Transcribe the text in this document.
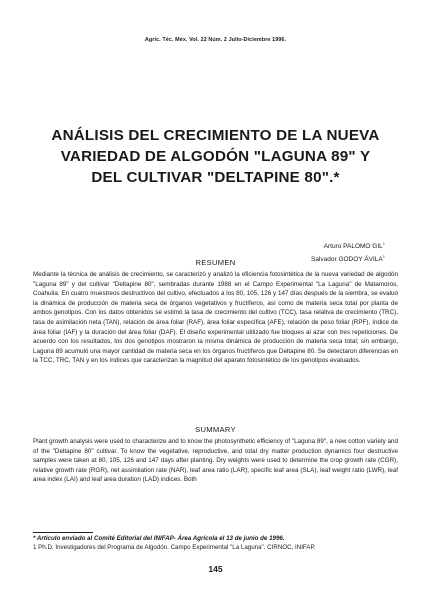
Agric. Téc. Méx. Vol. 22 Núm. 2 Julio-Diciembre 1996.
ANÁLISIS DEL CRECIMIENTO DE LA NUEVA
VARIEDAD DE ALGODÓN "LAGUNA 89" Y
DEL CULTIVAR "DELTAPINE 80".*
Arturo PALOMO GIL$^1$
Salvador GODOY ÁVILA$^1$
RESUMEN
Mediante la técnica de análisis de crecimiento, se caracterizó y analizó la eficiencia fotosintética de la nueva variedad de algodón "Laguna 89" y del cultivar "Deltapine 80", sembradas durante 1988 en el Campo Experimental "La Laguna" de Matamoros, Coahuila. En cuatro muestreos destructivos del cultivo, efectuados a los 80, 105, 126 y 147 días después de la siembra, se evaluó la dinámica de producción de materia seca de órganos vegetativos y fructíferos, así como de materia seca total por planta de ambos genotipos. Con los datos obtenidos se estimó la tasa de crecimiento del cultivo (TCC), tasa relativa de crecimiento (TRC), tasa de asimilación neta (TAN), relación de área foliar (RAF), área foliar específica (AFE), relación de peso foliar (RPF), índice de área foliar (IAF) y la duración del área foliar (DAF). El diseño experimental utilizado fue bloques al azar con tres repeticiones. De acuerdo con los resultados, los dos genotipos mostraron la misma dinámica de producción de materia seca total; sin embargo, Laguna 89 acumuló una mayor cantidad de materia seca en los órganos fructíferos que Deltapine 80. Se detectaron diferencias en la TCC, TRC, TAN y en los índices que caracterizan la magnitud del aparato fotosintético de los genotipos evaluados.
SUMMARY
Plant growth analysis were used to characterize and to know the photosynthetic efficiency of "Laguna 89", a new cotton variety and of the "Deltapine 80" cultivar. To know the vegetative, reproductive, and total dry matter production dynamics four destructive samples were taken at 80, 105, 126 and 147 days after planting. Dry weights were used to determine the crop growth rate (CGR), relative growth rate (RGR), net assimilation rate (NAR), leaf area ratio (LAR), specific leaf area (SLA), leaf weight ratio (LWR), leaf area index (LAI) and leaf area duration (LAD) indices. Both
* Artículo enviado al Comité Editorial del INIFAP- Área Agrícola el 13 de junio de 1996.
1 Ph.D. Investigadores del Programa de Algodón. Campo Experimental "La Laguna". CIRNOC, INIFAP.
145
